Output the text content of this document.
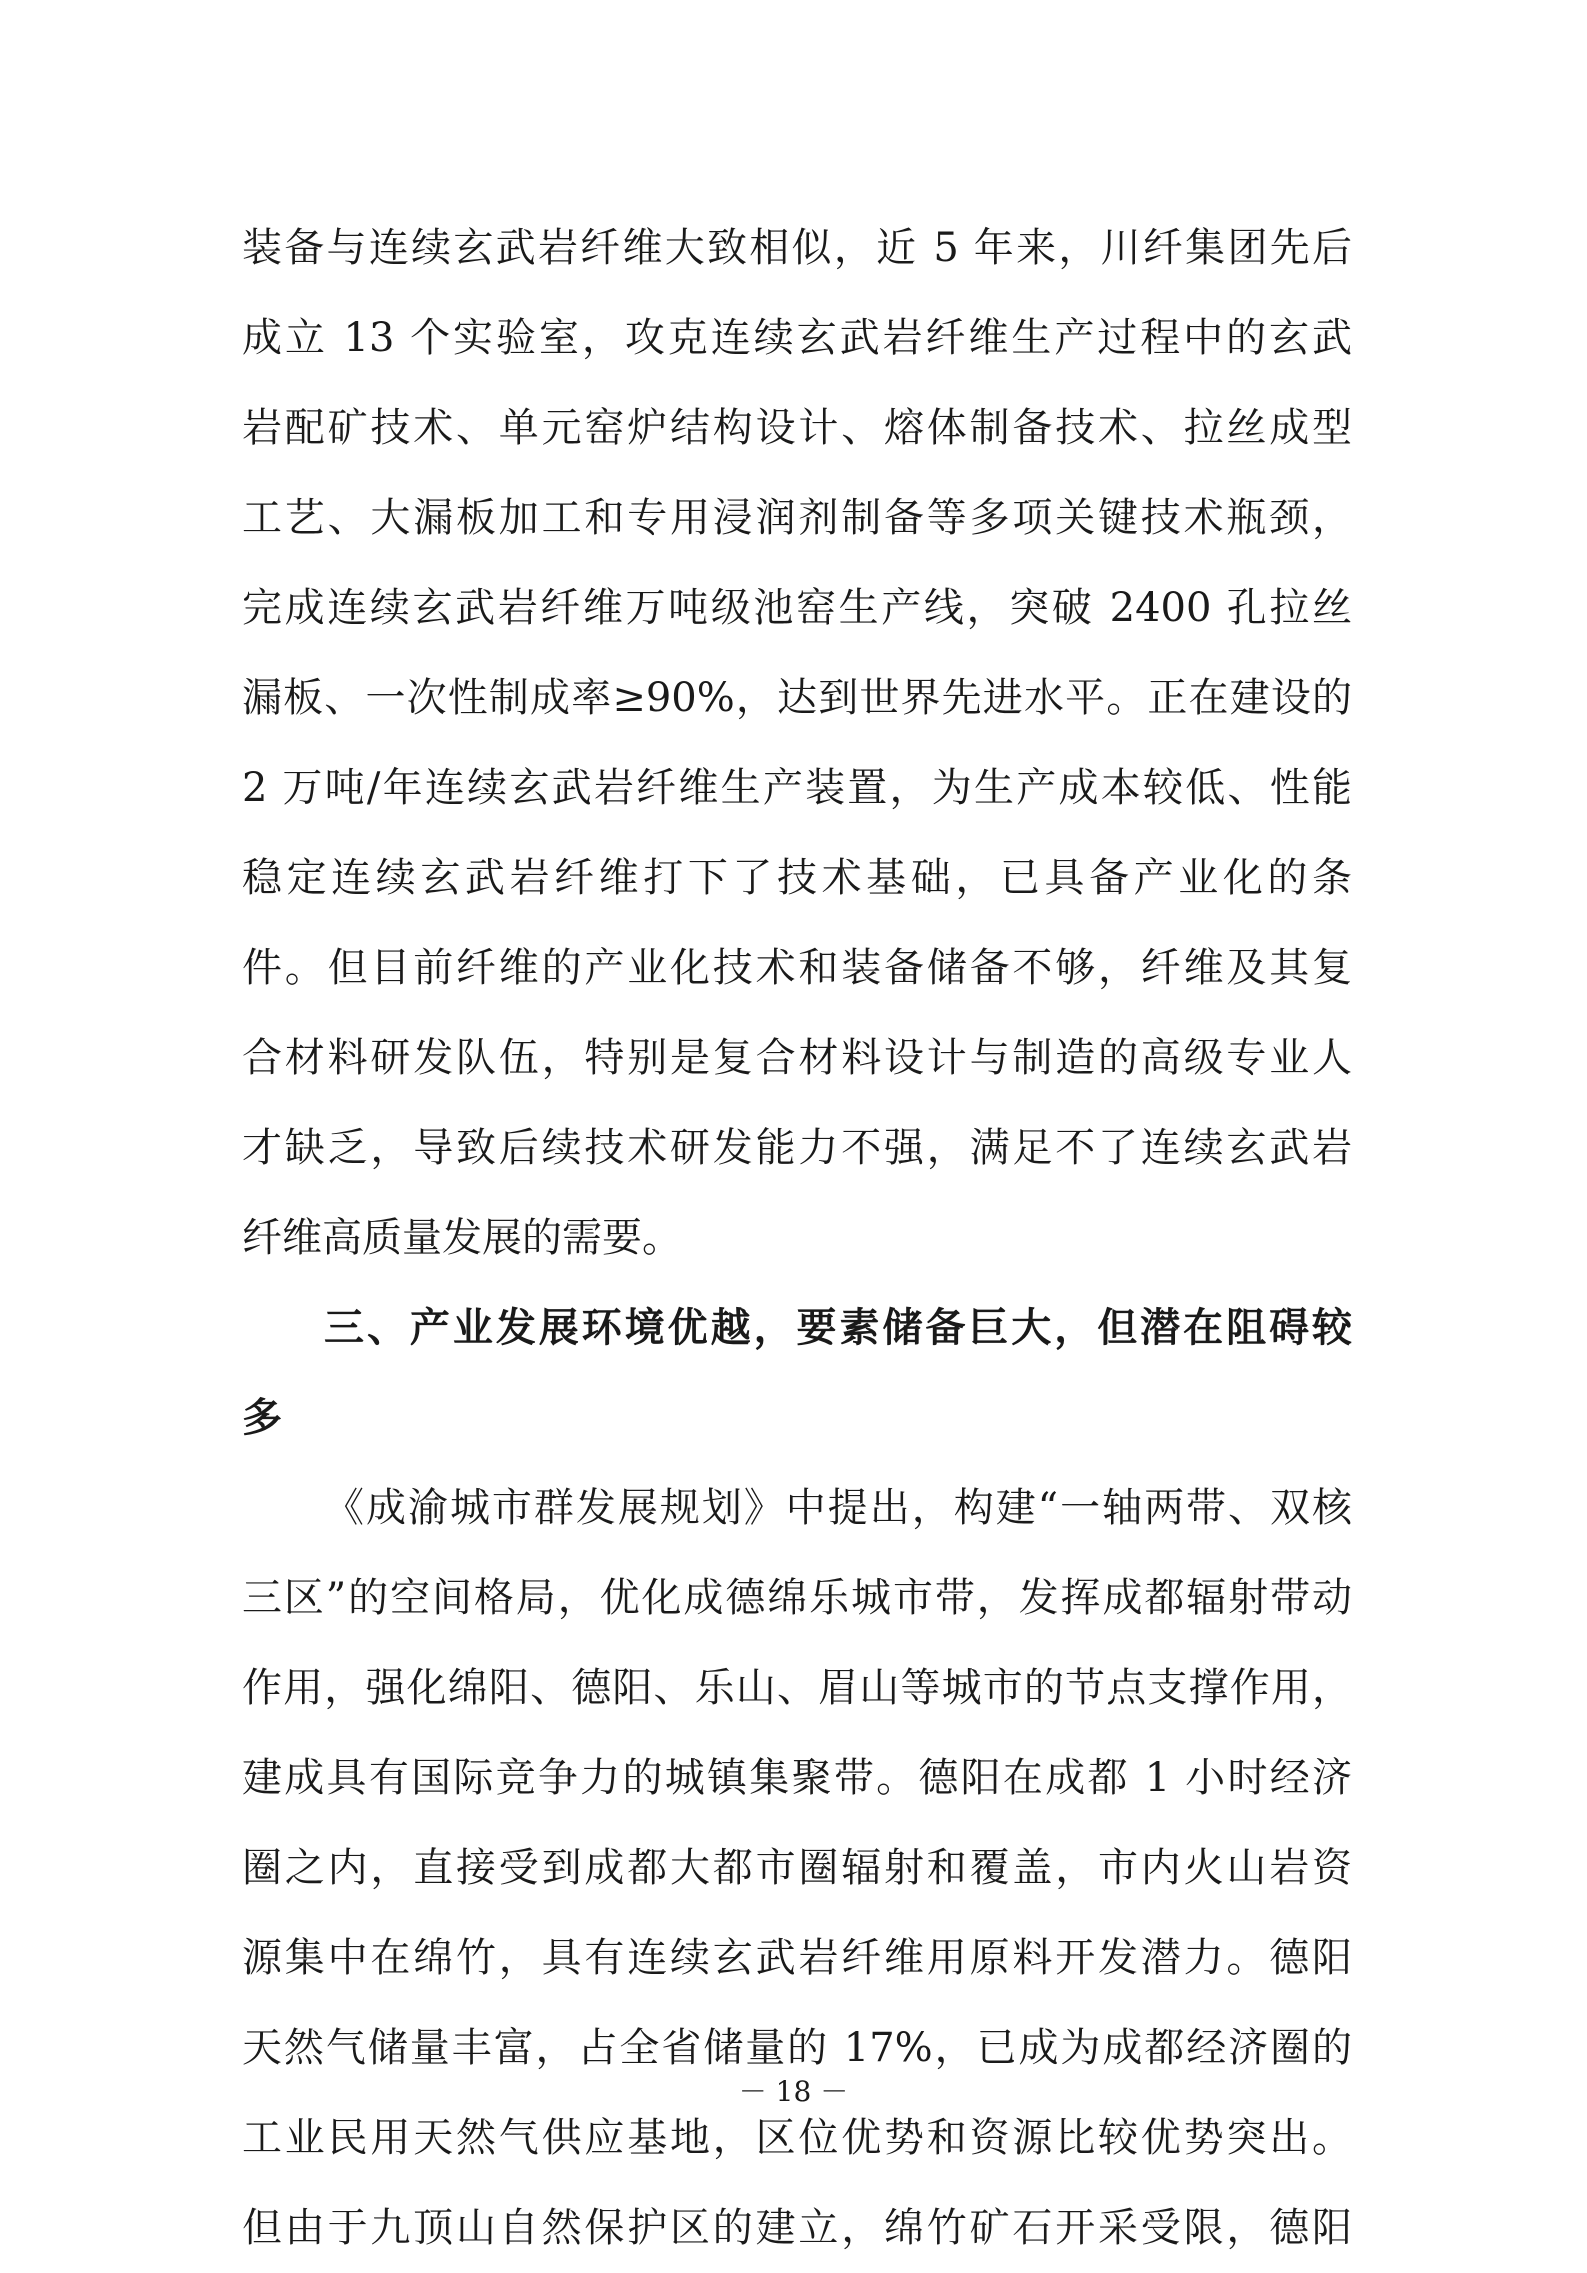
装备与连续玄武岩纤维大致相似，近 5 年来，川纤集团先后
成立 13 个实验室，攻克连续玄武岩纤维生产过程中的玄武
岩配矿技术、单元窑炉结构设计、熔体制备技术、拉丝成型
工艺、大漏板加工和专用浸润剂制备等多项关键技术瓶颈，
完成连续玄武岩纤维万吨级池窑生产线，突破 2400 孔拉丝
漏板、一次性制成率≥90%，达到世界先进水平。正在建设的
2 万吨/年连续玄武岩纤维生产装置，为生产成本较低、性能
稳定连续玄武岩纤维打下了技术基础，已具备产业化的条
件。但目前纤维的产业化技术和装备储备不够，纤维及其复
合材料研发队伍，特别是复合材料设计与制造的高级专业人
才缺乏，导致后续技术研发能力不强，满足不了连续玄武岩
纤维高质量发展的需要。
三、产业发展环境优越，要素储备巨大，但潜在阻碍较
多
《成渝城市群发展规划》中提出，构建“一轴两带、双核
三区”的空间格局，优化成德绵乐城市带，发挥成都辐射带动
作用，强化绵阳、德阳、乐山、眉山等城市的节点支撑作用，
建成具有国际竞争力的城镇集聚带。德阳在成都 1 小时经济
圈之内，直接受到成都大都市圈辐射和覆盖，市内火山岩资
源集中在绵竹，具有连续玄武岩纤维用原料开发潜力。德阳
天然气储量丰富，占全省储量的 17%，已成为成都经济圈的
工业民用天然气供应基地，区位优势和资源比较优势突出。
但由于九顶山自然保护区的建立，绵竹矿石开采受限，德阳
－ 18 －
